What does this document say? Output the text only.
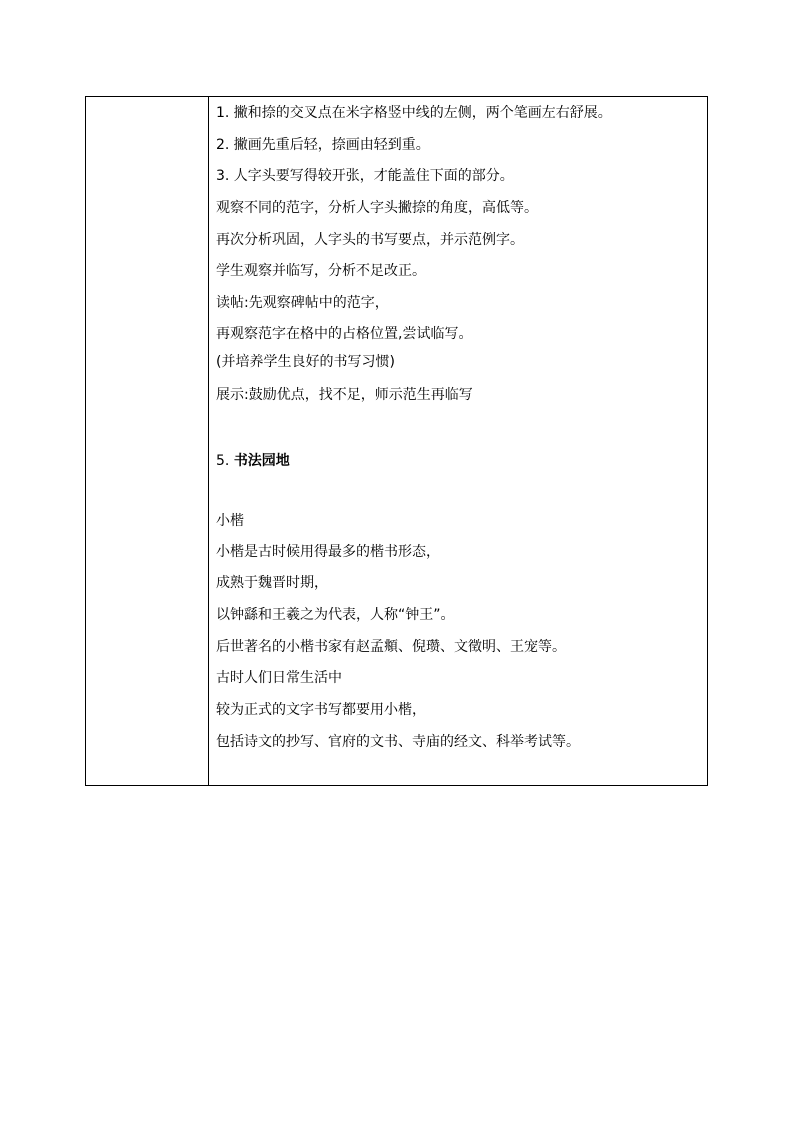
1. 撇和捺的交叉点在米字格竖中线的左侧，两个笔画左右舒展。
2. 撇画先重后轻，捺画由轻到重。
3. 人字头要写得较开张，才能盖住下面的部分。
观察不同的范字，分析人字头撇捺的角度，高低等。
再次分析巩固，人字头的书写要点，并示范例字。
学生观察并临写，分析不足改正。
读帖:先观察碑帖中的范字，
再观察范字在格中的占格位置,尝试临写。
(并培养学生良好的书写习惯)
展示:鼓励优点，找不足，师示范生再临写
5. 书法园地
小楷
小楷是古时候用得最多的楷书形态，
成熟于魏晋时期，
以钟繇和王羲之为代表，人称“钟王”。
后世著名的小楷书家有赵孟頫、倪瓒、文徵明、王宠等。
古时人们日常生活中
较为正式的文字书写都要用小楷，
包括诗文的抄写、官府的文书、寺庙的经文、科举考试等。
